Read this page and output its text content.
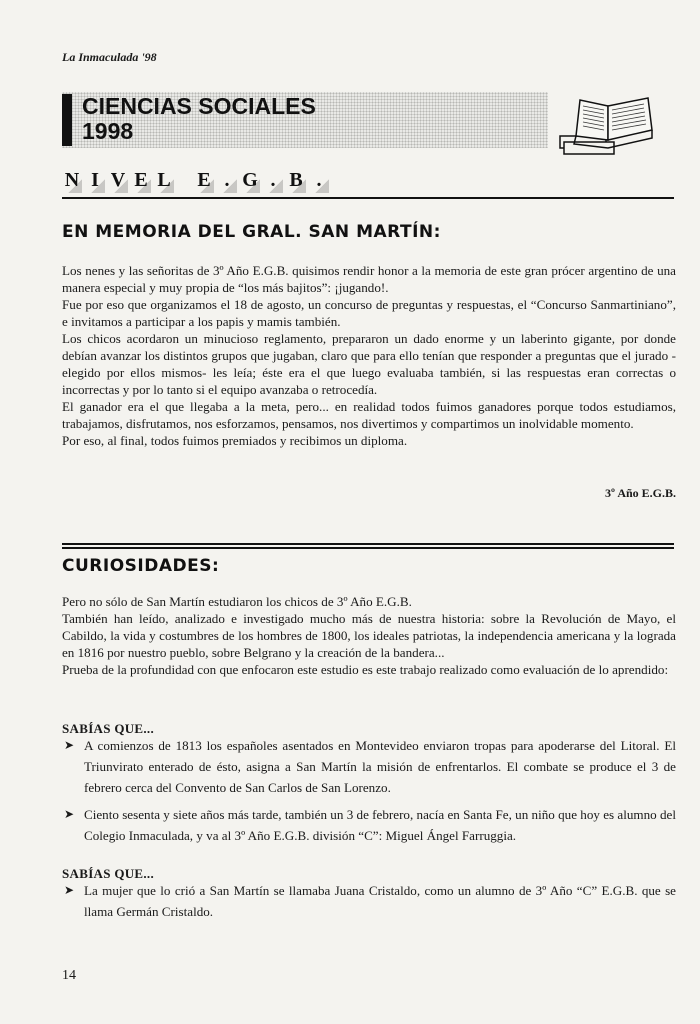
La Inmaculada '98
CIENCIAS SOCIALES
1998
N I V E L E . G . B .
EN MEMORIA DEL GRAL. SAN MARTÍN:

Los nenes y las señoritas de 3º Año E.G.B. quisimos rendir honor a la memoria de este gran prócer argentino de una manera especial y muy propia de “los más bajitos”: ¡jugando!.

Fue por eso que organizamos el 18 de agosto, un concurso de preguntas y respuestas, el “Concurso Sanmartiniano”, e invitamos a participar a los papis y mamis también.

Los chicos acordaron un minucioso reglamento, prepararon un dado enorme y un laberinto gigante, por donde debían avanzar los distintos grupos que jugaban, claro que para ello tenían que responder a preguntas que el jurado -elegido por ellos mismos- les leía; éste era el que luego evaluaba también, si las respuestas eran correctas o incorrectas y por lo tanto si el equipo avanzaba o retrocedía.

El ganador era el que llegaba a la meta, pero... en realidad todos fuimos ganadores porque todos estudiamos, trabajamos, disfrutamos, nos esforzamos, pensamos, nos divertimos y compartimos un inolvidable momento.

Por eso, al final, todos fuimos premiados y recibimos un diploma.

3º Año E.G.B.
CURIOSIDADES:

Pero no sólo de San Martín estudiaron los chicos de 3º Año E.G.B.

También han leído, analizado e investigado mucho más de nuestra historia: sobre la Revolución de Mayo, el Cabildo, la vida y costumbres de los hombres de 1800, los ideales patriotas, la independencia americana y la lograda en 1816 por nuestro pueblo, sobre Belgrano y la creación de la bandera...

Prueba de la profundidad con que enfocaron este estudio es este trabajo realizado como evaluación de lo aprendido:

SABÍAS QUE...
➤ A comienzos de 1813 los españoles asentados en Montevideo enviaron tropas para apoderarse del Litoral. El Triunvirato enterado de ésto, asigna a San Martín la misión de enfrentarlos. El combate se produce el 3 de febrero cerca del Convento de San Carlos de San Lorenzo.
➤ Ciento sesenta y siete años más tarde, también un 3 de febrero, nacía en Santa Fe, un niño que hoy es alumno del Colegio Inmaculada, y va al 3º Año E.G.B. división “C”: Miguel Ángel Farruggia.
SABÍAS QUE...
➤ La mujer que lo crió a San Martín se llamaba Juana Cristaldo, como un alumno de 3º Año “C” E.G.B. que se llama Germán Cristaldo.
14
